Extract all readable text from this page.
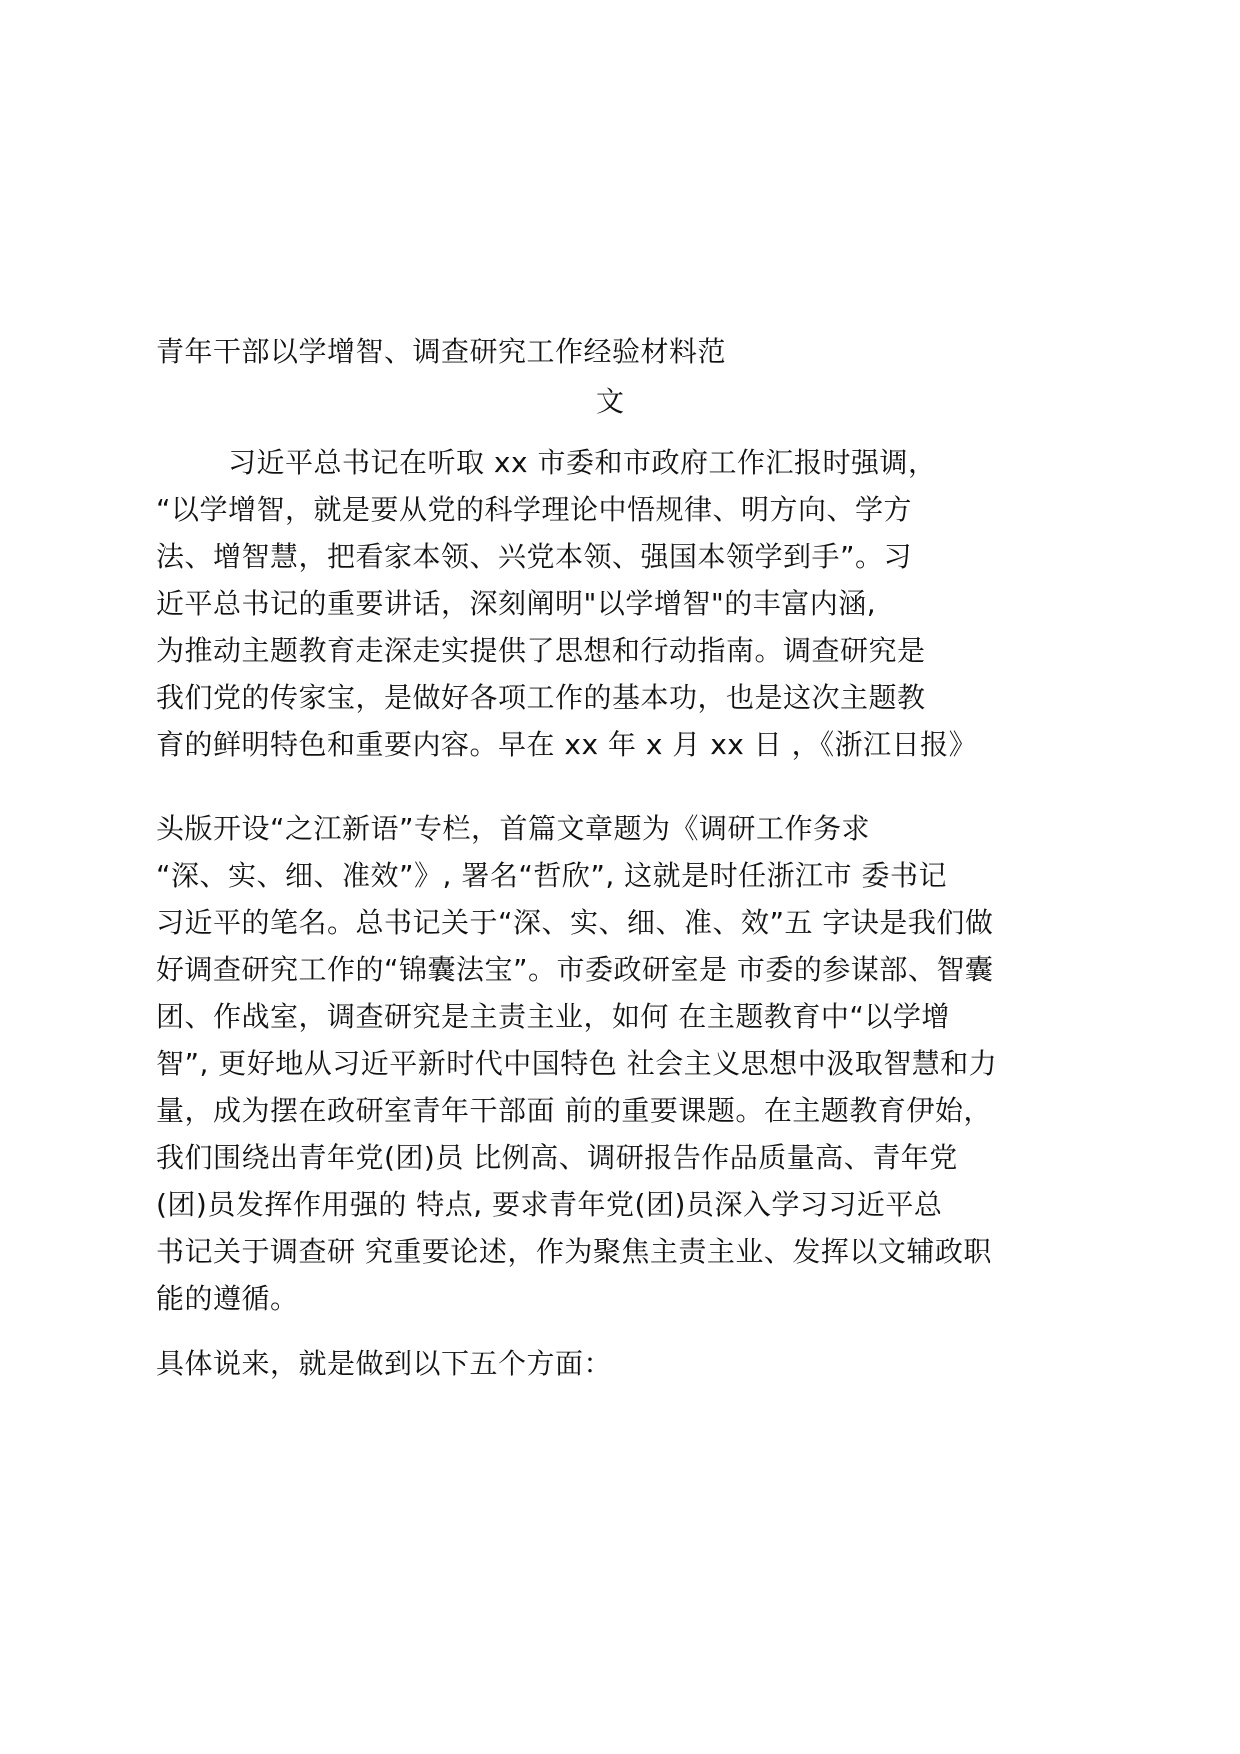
青年干部以学增智、调查研究工作经验材料范
文
习近平总书记在听取 xx 市委和市政府工作汇报时强调，
“以学增智，就是要从党的科学理论中悟规律、明方向、学方
法、增智慧，把看家本领、兴党本领、强国本领学到手”。习
近平总书记的重要讲话，深刻阐明"以学增智"的丰富内涵,
为推动主题教育走深走实提供了思想和行动指南。调查研究是
我们党的传家宝，是做好各项工作的基本功，也是这次主题教
育的鲜明特色和重要内容。早在 xx 年 x 月 xx 日 ，《浙江日报》
头版开设“之江新语”专栏，首篇文章题为《调研工作务求
“深、实、细、准效”》, 署名“哲欣”, 这就是时任浙江市 委书记
习近平的笔名。总书记关于“深、实、细、准、效”五 字诀是我们做
好调查研究工作的“锦囊法宝”。市委政研室是 市委的参谋部、智囊
团、作战室，调查研究是主责主业，如何 在主题教育中“以学增
智”, 更好地从习近平新时代中国特色 社会主义思想中汲取智慧和力
量，成为摆在政研室青年干部面 前的重要课题。在主题教育伊始，
我们围绕出青年党(团)员 比例高、调研报告作品质量高、青年党
(团)员发挥作用强的 特点, 要求青年党(团)员深入学习习近平总
书记关于调查研 究重要论述，作为聚焦主责主业、发挥以文辅政职
能的遵循。
具体说来，就是做到以下五个方面：
